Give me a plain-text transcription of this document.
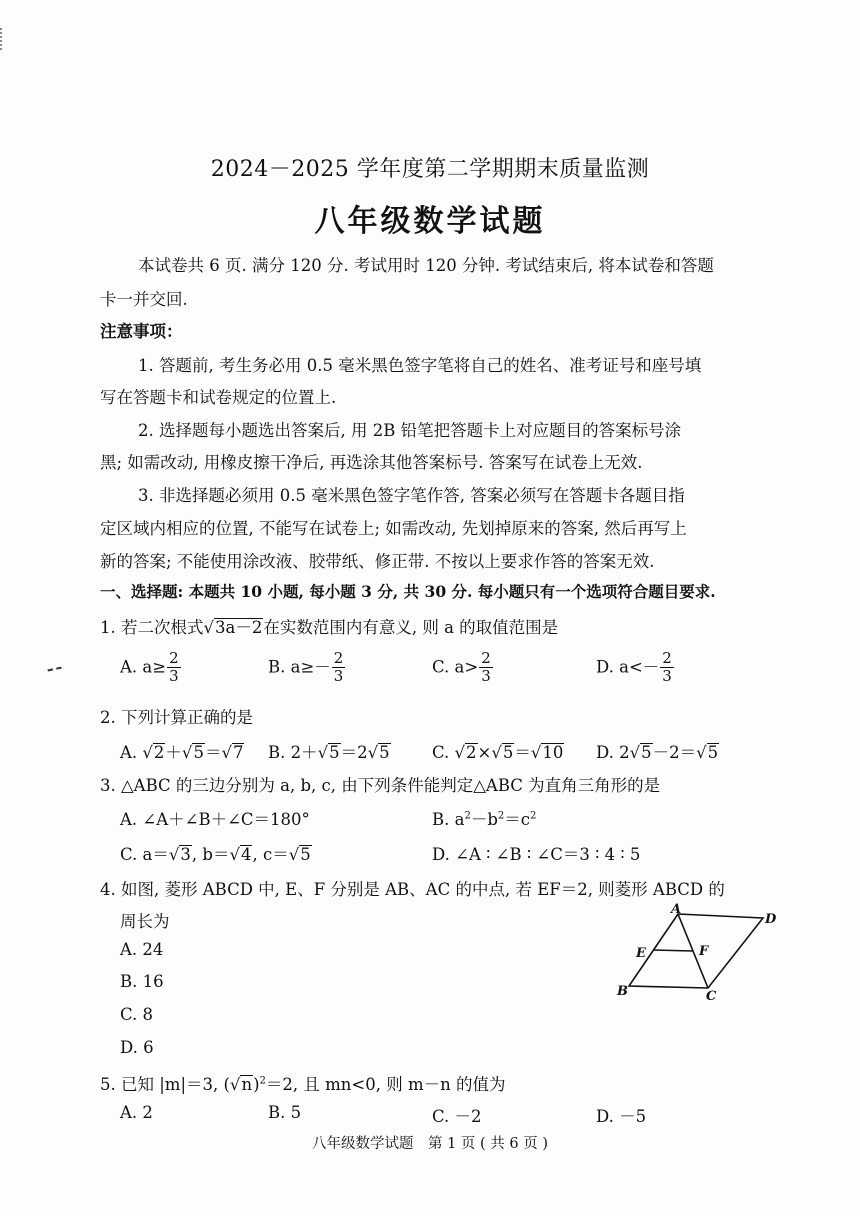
2024－2025 学年度第二学期期末质量监测
八年级数学试题
本试卷共 6 页. 满分 120 分. 考试用时 120 分钟. 考试结束后, 将本试卷和答题
卡一并交回.
注意事项：
1. 答题前, 考生务必用 0.5 毫米黑色签字笔将自己的姓名、准考证号和座号填
写在答题卡和试卷规定的位置上.
2. 选择题每小题选出答案后, 用 2B 铅笔把答题卡上对应题目的答案标号涂
黑; 如需改动, 用橡皮擦干净后, 再选涂其他答案标号. 答案写在试卷上无效.
3. 非选择题必须用 0.5 毫米黑色签字笔作答, 答案必须写在答题卡各题目指
定区域内相应的位置, 不能写在试卷上; 如需改动, 先划掉原来的答案, 然后再写上
新的答案; 不能使用涂改液、胶带纸、修正带. 不按以上要求作答的答案无效.
一、选择题: 本题共 10 小题, 每小题 3 分, 共 30 分. 每小题只有一个选项符合题目要求.
1. 若二次根式√ 3a－2 在实数范围内有意义, 则 a 的取值范围是
A. $a\ge \frac{2}{3}$	B. $a\ge- \frac{2}{3}$	C. $a> \frac{2}{3}$	D. $a<- \frac{2}{3}$
2. 下列计算正确的是
A. √ 2 ＋√ 5 ＝√ 7 B. 2＋√ 5 ＝2√ 5	C. √ 2 ×√ 5 ＝√ 10 D. 2√ 5 －2＝√ 5
3. △ABC 的三边分别为 a, b, c, 由下列条件能判定△ABC 为直角三角形的是
A. ∠A＋∠B＋∠C＝180°	B. $a^2-b^2=c^2$
C. a＝√ 3 , b＝√ 4 , c＝√ 5	D. ∠A ∶ ∠B ∶ ∠C＝3 ∶ 4 ∶ 5
4. 如图, 菱形 ABCD 中, E、F 分别是 AB、AC 的中点, 若 EF＝2, 则菱形 ABCD 的
周长为
A. 24
B. 16
C. 8
D. 6
A
D
B	C
E	F
5. 已知 |m|＝3, (√ n )$^2$＝2, 且 mn<0, 则 m－n 的值为
A. 2	B. 5	C. －2	D. －5
八年级数学试题　第 1 页 ( 共 6 页 )
